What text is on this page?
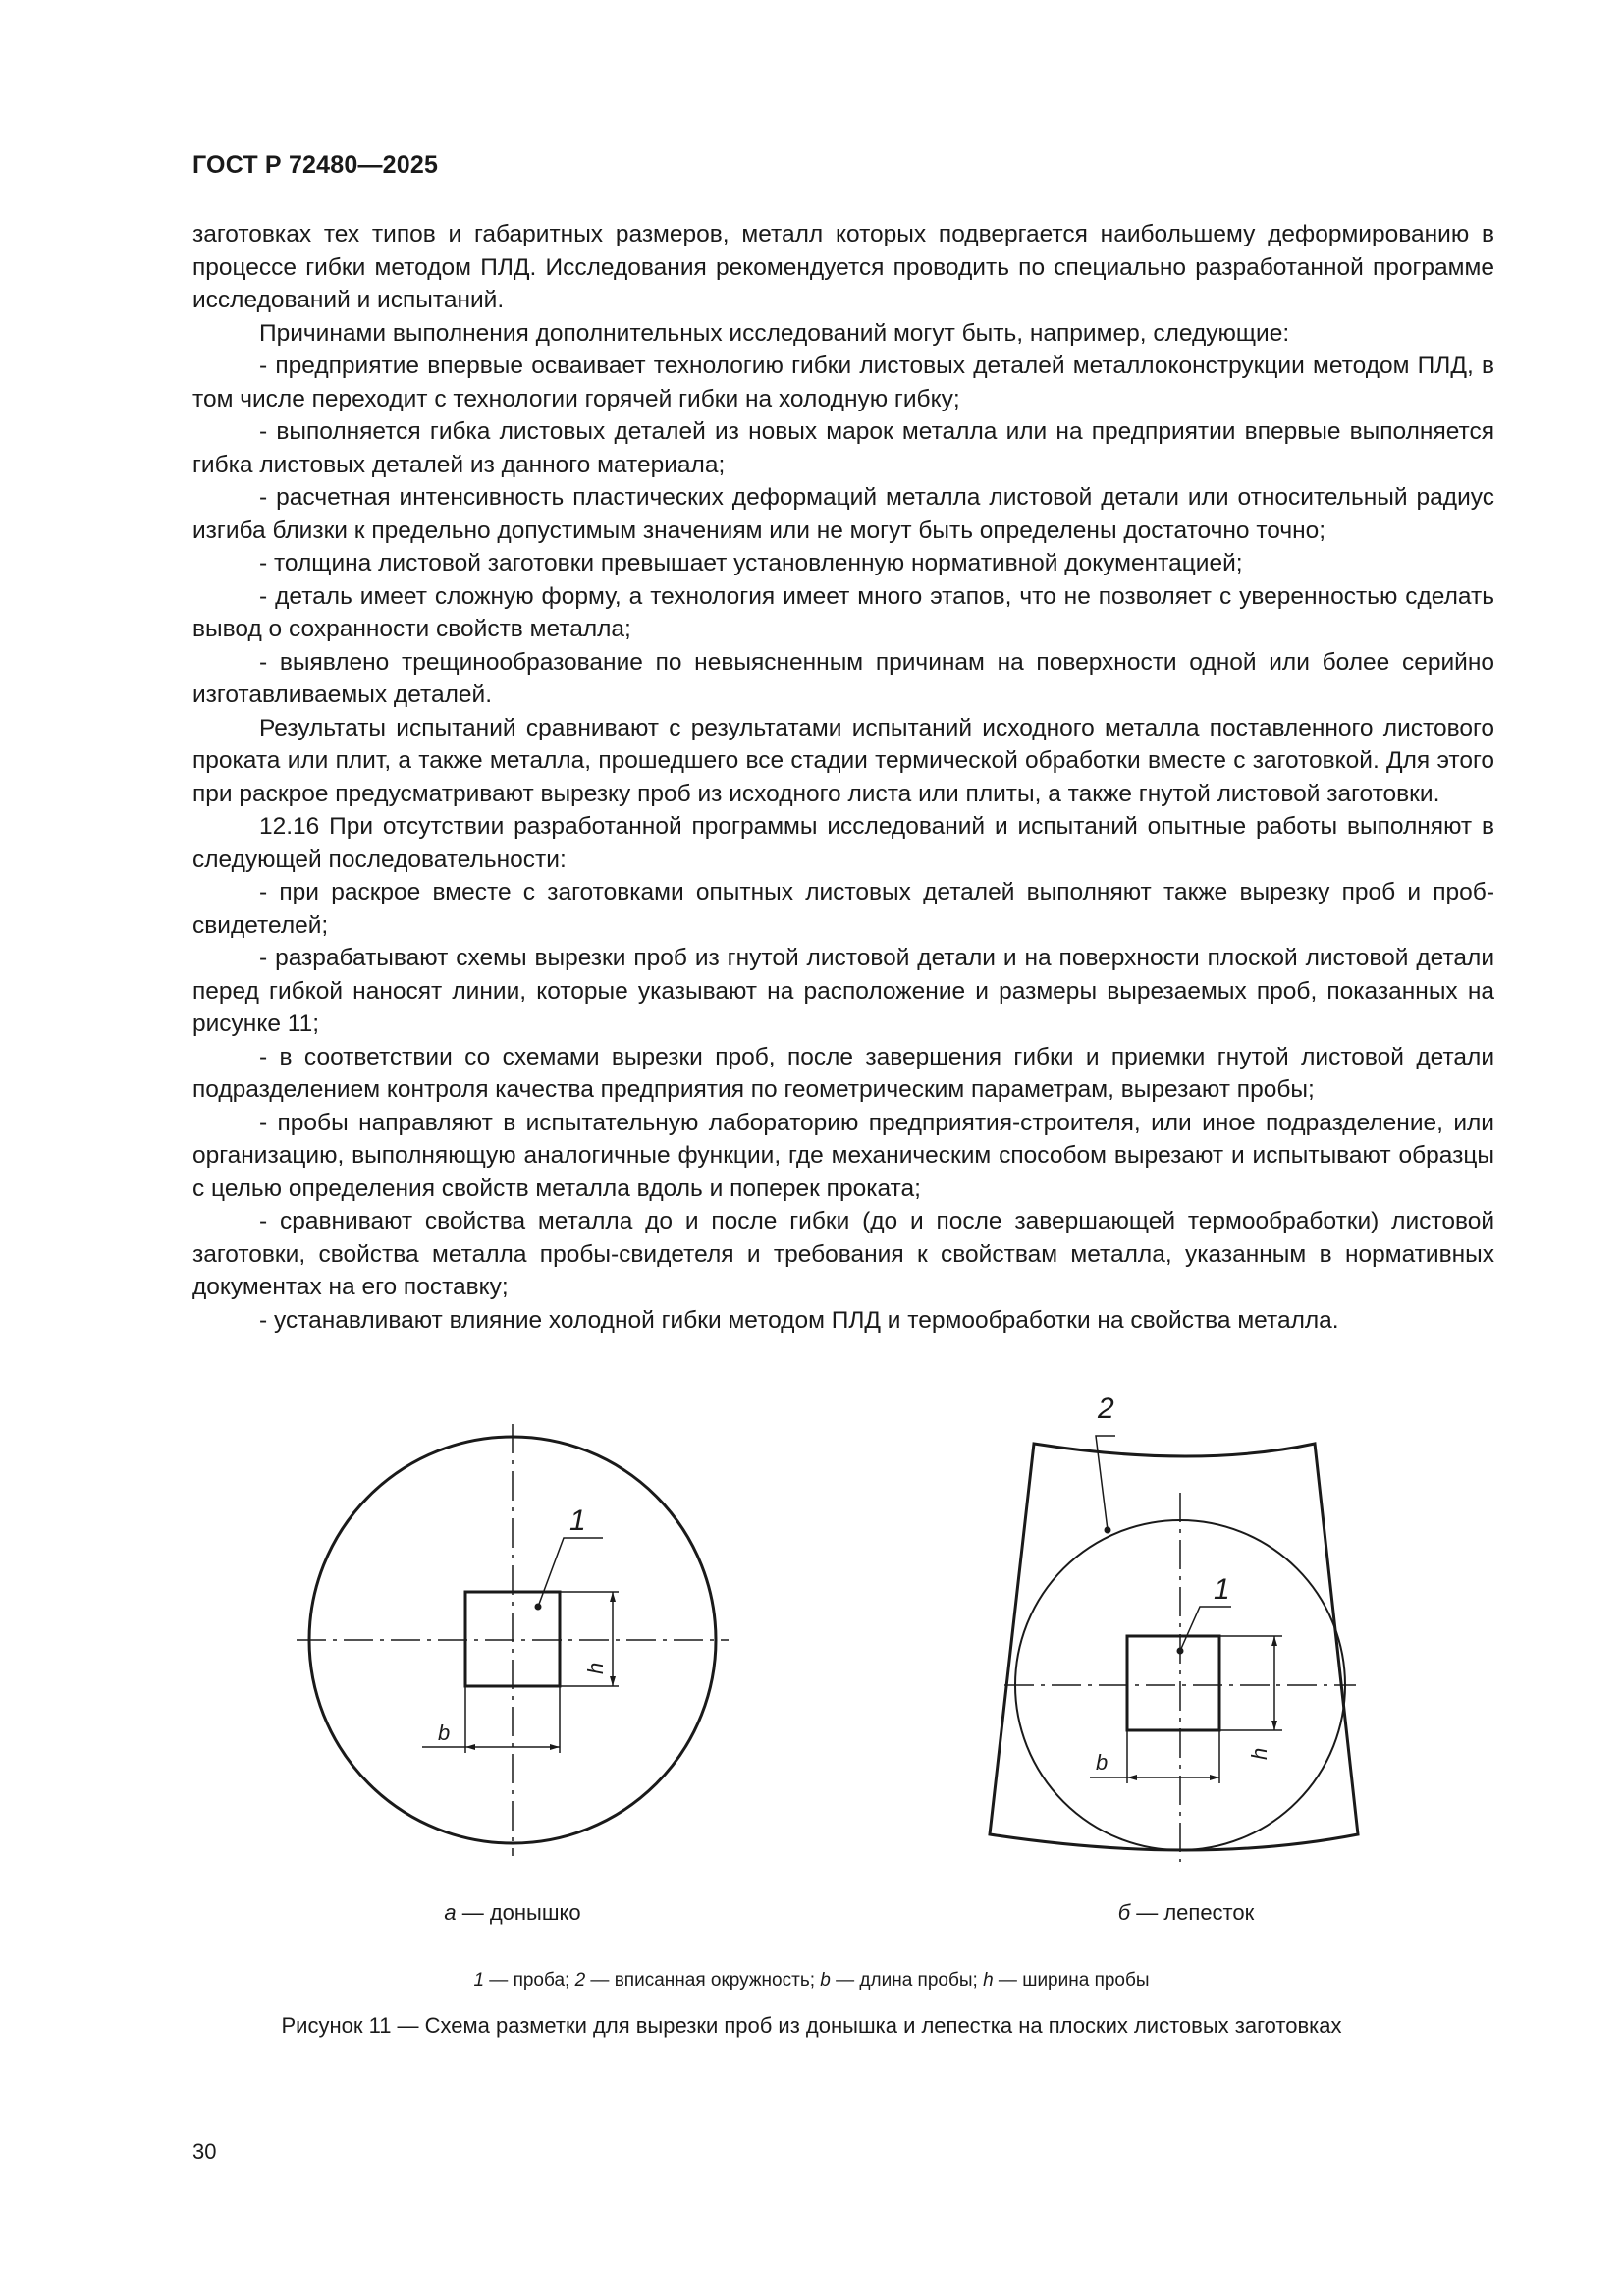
ГОСТ Р 72480—2025

заготовках тех типов и габаритных размеров, металл которых подвергается наибольшему деформированию в процессе гибки методом ПЛД. Исследования рекомендуется проводить по специально разработанной программе исследований и испытаний.

Причинами выполнения дополнительных исследований могут быть, например, следующие:

- предприятие впервые осваивает технологию гибки листовых деталей металлоконструкции методом ПЛД, в том числе переходит с технологии горячей гибки на холодную гибку;

- выполняется гибка листовых деталей из новых марок металла или на предприятии впервые выполняется гибка листовых деталей из данного материала;

- расчетная интенсивность пластических деформаций металла листовой детали или относительный радиус изгиба близки к предельно допустимым значениям или не могут быть определены достаточно точно;

- толщина листовой заготовки превышает установленную нормативной документацией;

- деталь имеет сложную форму, а технология имеет много этапов, что не позволяет с уверенностью сделать вывод о сохранности свойств металла;

- выявлено трещинообразование по невыясненным причинам на поверхности одной или более серийно изготавливаемых деталей.

Результаты испытаний сравнивают с результатами испытаний исходного металла поставленного листового проката или плит, а также металла, прошедшего все стадии термической обработки вместе с заготовкой. Для этого при раскрое предусматривают вырезку проб из исходного листа или плиты, а также гнутой листовой заготовки.

12.16 При отсутствии разработанной программы исследований и испытаний опытные работы выполняют в следующей последовательности:

- при раскрое вместе с заготовками опытных листовых деталей выполняют также вырезку проб и проб-свидетелей;

- разрабатывают схемы вырезки проб из гнутой листовой детали и на поверхности плоской листовой детали перед гибкой наносят линии, которые указывают на расположение и размеры вырезаемых проб, показанных на рисунке 11;

- в соответствии со схемами вырезки проб, после завершения гибки и приемки гнутой листовой детали подразделением контроля качества предприятия по геометрическим параметрам, вырезают пробы;

- пробы направляют в испытательную лабораторию предприятия-строителя, или иное подразделение, или организацию, выполняющую аналогичные функции, где механическим способом вырезают и испытывают образцы с целью определения свойств металла вдоль и поперек проката;

- сравнивают свойства металла до и после гибки (до и после завершающей термообработки) листовой заготовки, свойства металла пробы-свидетеля и требования к свойствам металла, указанным в нормативных документах на его поставку;

- устанавливают влияние холодной гибки методом ПЛД и термообработки на свойства металла.

1
b
h
2
1
b	h
а — донышко	б — лепесток
1 — проба; 2 — вписанная окружность; b — длина пробы; h — ширина пробы
Рисунок 11 — Схема разметки для вырезки проб из донышка и лепестка на плоских листовых заготовках
30
